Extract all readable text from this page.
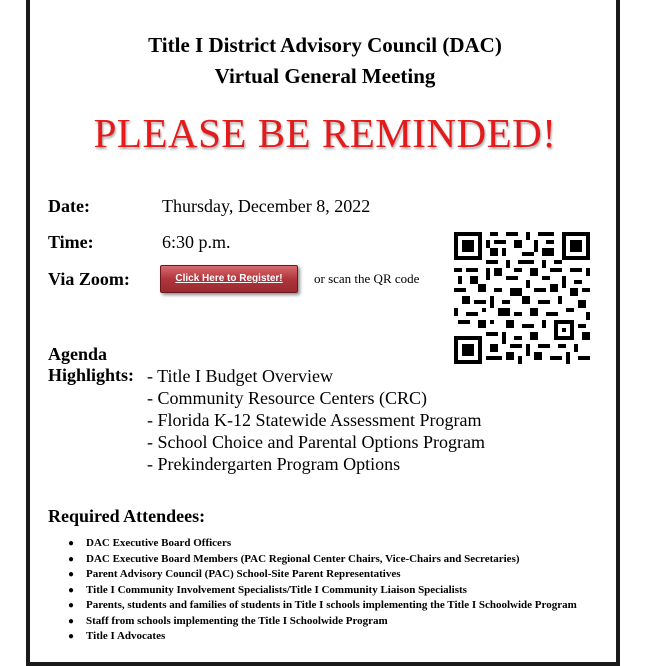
Title I District Advisory Council (DAC)
Virtual General Meeting
PLEASE BE REMINDED!
Date:	Thursday, December 8, 2022
Time:	6:30 p.m.
Via Zoom:	Click Here to Register!	or scan the QR code
Agenda
Highlights: - Title I Budget Overview
- Community Resource Centers (CRC)
- Florida K-12 Statewide Assessment Program
- School Choice and Parental Options Program
- Prekindergarten Program Options
Required Attendees:
● DAC Executive Board Officers
● DAC Executive Board Members (PAC Regional Center Chairs, Vice-Chairs and Secretaries)
● Parent Advisory Council (PAC) School-Site Parent Representatives
● Title I Community Involvement Specialists/Title I Community Liaison Specialists
● Parents, students and families of students in Title I schools implementing the Title I Schoolwide Program
● Staff from schools implementing the Title I Schoolwide Program
● Title I Advocates
